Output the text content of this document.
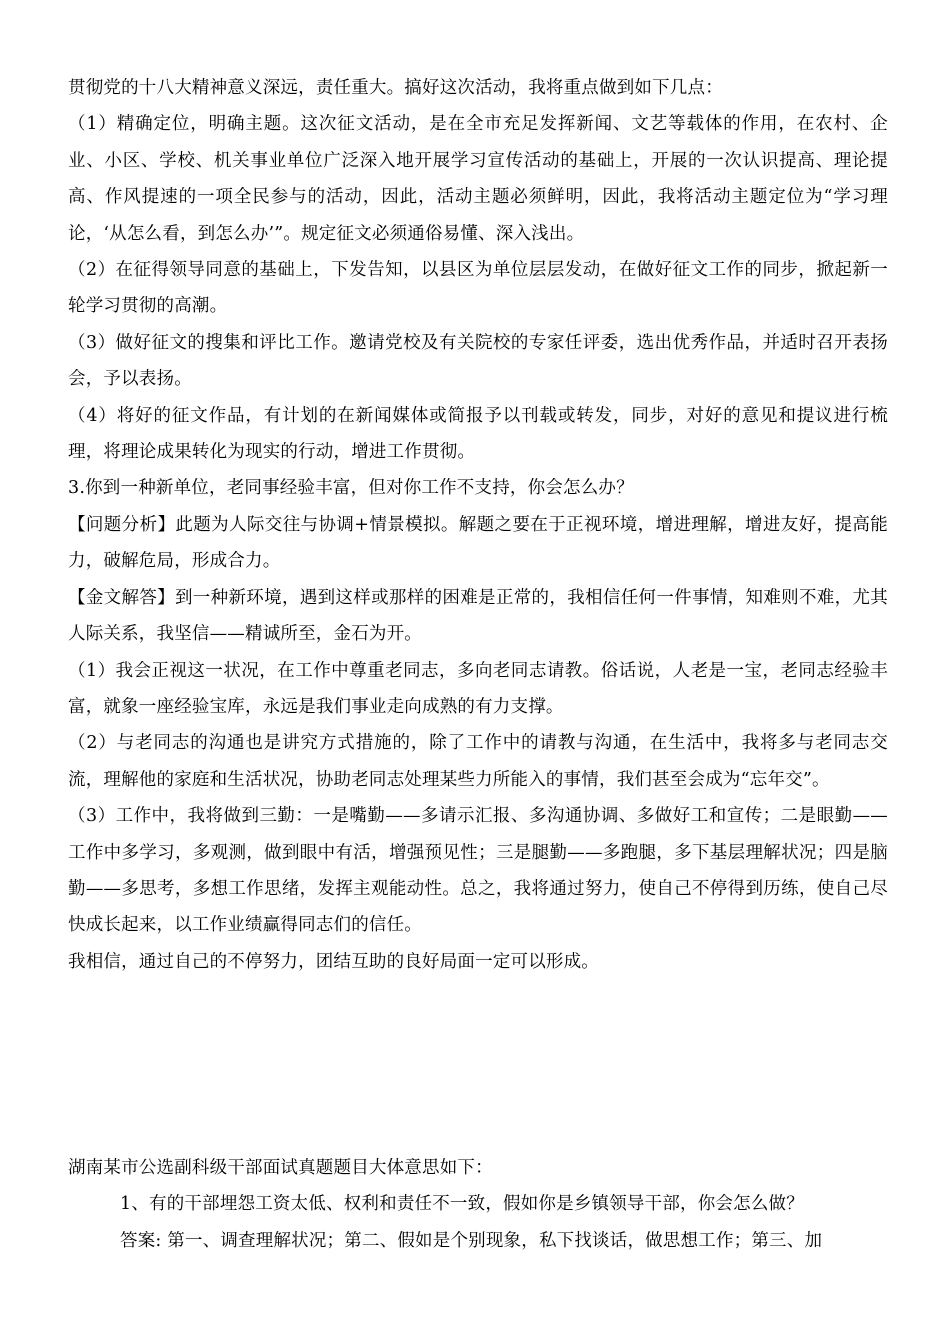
贯彻党的十八大精神意义深远，责任重大。搞好这次活动，我将重点做到如下几点：

（1）精确定位，明确主题。这次征文活动，是在全市充足发挥新闻、文艺等载体的作用，在农村、企业、小区、学校、机关事业单位广泛深入地开展学习宣传活动的基础上，开展的一次认识提高、理论提高、作风提速的一项全民参与的活动，因此，活动主题必须鲜明，因此，我将活动主题定位为“学习理论，‘从怎么看，到怎么办’”。规定征文必须通俗易懂、深入浅出。

（2）在征得领导同意的基础上，下发告知，以县区为单位层层发动，在做好征文工作的同步，掀起新一轮学习贯彻的高潮。

（3）做好征文的搜集和评比工作。邀请党校及有关院校的专家任评委，选出优秀作品，并适时召开表扬会，予以表扬。

（4）将好的征文作品，有计划的在新闻媒体或简报予以刊载或转发，同步，对好的意见和提议进行梳理，将理论成果转化为现实的行动，增进工作贯彻。

3.你到一种新单位，老同事经验丰富，但对你工作不支持，你会怎么办？

【问题分析】此题为人际交往与协调+情景模拟。解题之要在于正视环境，增进理解，增进友好，提高能力，破解危局，形成合力。

【金文解答】到一种新环境，遇到这样或那样的困难是正常的，我相信任何一件事情，知难则不难，尤其人际关系，我坚信——精诚所至，金石为开。

（1）我会正视这一状况，在工作中尊重老同志，多向老同志请教。俗话说，人老是一宝，老同志经验丰富，就象一座经验宝库，永远是我们事业走向成熟的有力支撑。

（2）与老同志的沟通也是讲究方式措施的，除了工作中的请教与沟通，在生活中，我将多与老同志交流，理解他的家庭和生活状况，协助老同志处理某些力所能入的事情，我们甚至会成为“忘年交”。

（3）工作中，我将做到三勤：一是嘴勤——多请示汇报、多沟通协调、多做好工和宣传；二是眼勤——工作中多学习，多观测，做到眼中有活，增强预见性；三是腿勤——多跑腿，多下基层理解状况；四是脑勤——多思考，多想工作思绪，发挥主观能动性。总之，我将通过努力，使自己不停得到历练，使自己尽快成长起来，以工作业绩赢得同志们的信任。

我相信，通过自己的不停努力，团结互助的良好局面一定可以形成。

湖南某市公选副科级干部面试真题题目大体意思如下：

1、有的干部埋怨工资太低、权利和责任不一致，假如你是乡镇领导干部，你会怎么做？

答案: 第一、调查理解状况；第二、假如是个别现象，私下找谈话，做思想工作；第三、加
